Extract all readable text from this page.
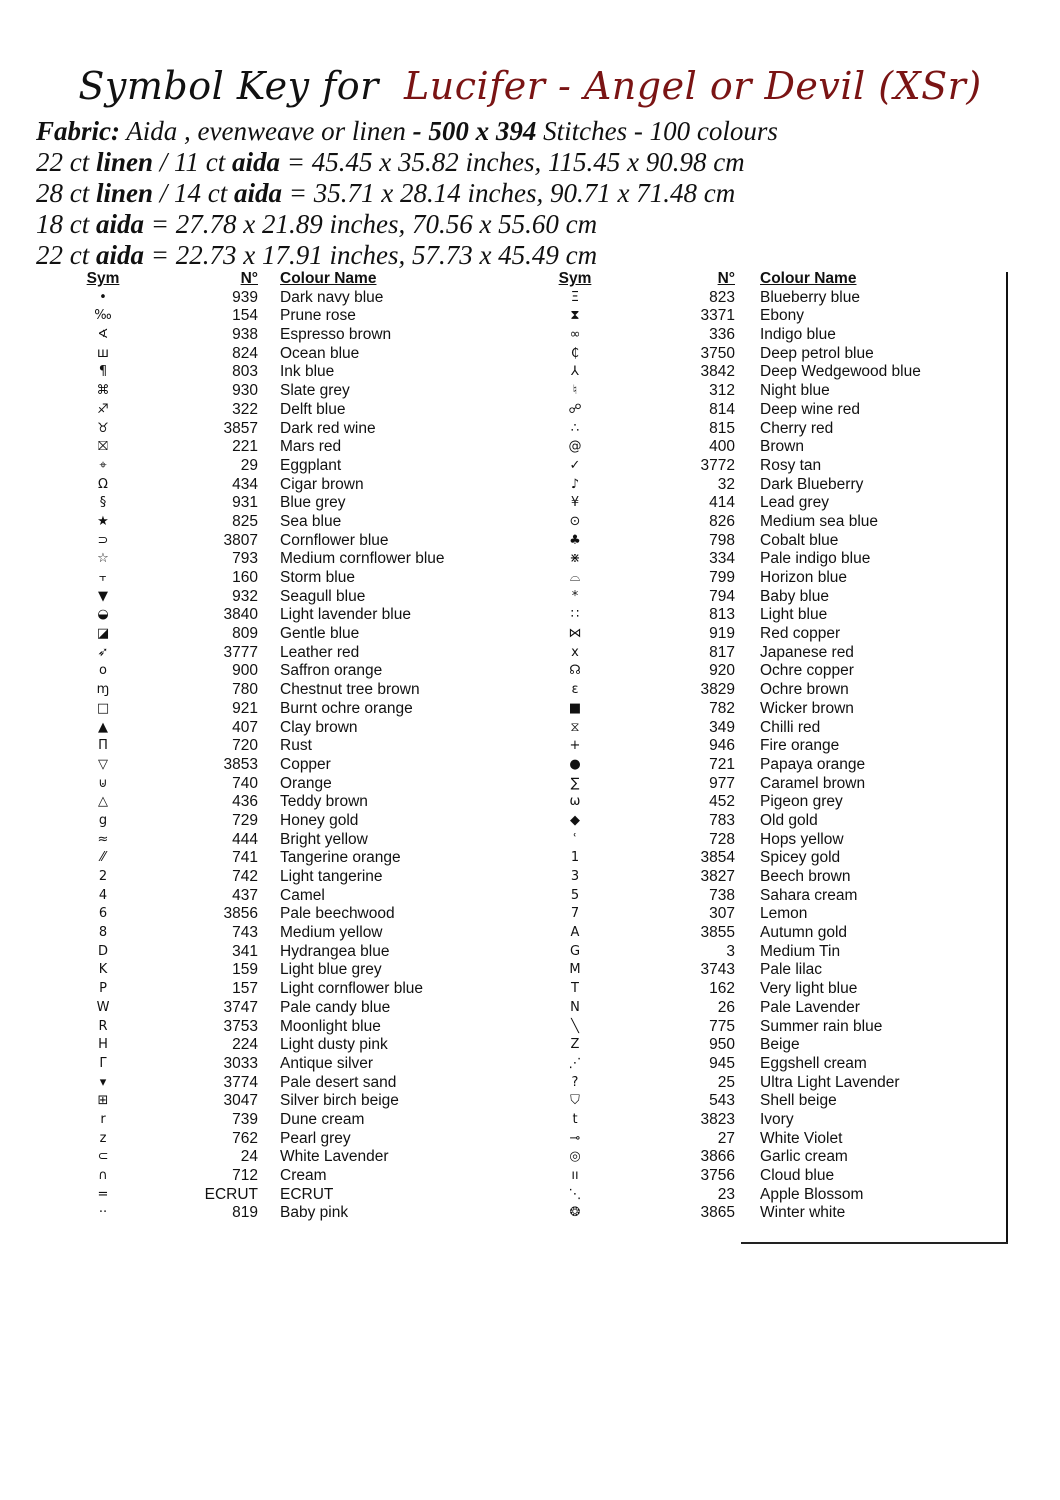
Symbol Key for Lucifer - Angel or Devil (XSr)
Fabric: Aida , evenweave or linen - 500 x 394 Stitches - 100 colours
22 ct linen / 11 ct aida = 45.45 x 35.82 inches, 115.45 x 90.98 cm
28 ct linen / 14 ct aida = 35.71 x 28.14 inches, 90.71 x 71.48 cm
18 ct aida = 27.78 x 21.89 inches, 70.56 x 55.60 cm
22 ct aida = 22.73 x 17.91 inches, 57.73 x 45.49 cm
Sym	N° Colour Name
•	939 Dark navy blue
‰	154 Prune rose
∢	938 Espresso brown
ш	824 Ocean blue
¶	803 Ink blue
⌘	930 Slate grey
♐	322 Delft blue
♉	3857 Dark red wine
⛝	221 Mars red
⌖	29 Eggplant
Ω	434 Cigar brown
§	931 Blue grey
★	825 Sea blue
⊃	3807 Cornflower blue
☆	793 Medium cornflower blue
⫟	160 Storm blue
▼	932 Seagull blue
◒	3840 Light lavender blue
◪	809 Gentle blue
➶	3777 Leather red
o	900 Saffron orange
ɱ	780 Chestnut tree brown
□	921 Burnt ochre orange
▲	407 Clay brown
Π	720 Rust
▽	3853 Copper
⊍	740 Orange
△	436 Teddy brown
g	729 Honey gold
≈	444 Bright yellow
⁄⁄	741 Tangerine orange
2	742 Light tangerine
4	437 Camel
6	3856 Pale beechwood
8	743 Medium yellow
D	341 Hydrangea blue
K	159 Light blue grey
P	157 Light cornflower blue
W	3747 Pale candy blue
R	3753 Moonlight blue
H	224 Light dusty pink
Γ	3033 Antique silver
▾	3774 Pale desert sand
⊞	3047 Silver birch beige
r	739 Dune cream
z	762 Pearl grey
⊂	24 White Lavender
∩	712 Cream
=	ECRUT ECRUT
··	819 Baby pink
Sym	N° Colour Name
Ξ	823 Blueberry blue
⧗	3371 Ebony
∞	336 Indigo blue
₵	3750 Deep petrol blue
⅄	3842 Deep Wedgewood blue
♮	312 Night blue
☍	814 Deep wine red
∴	815 Cherry red
@	400 Brown
✓	3772 Rosy tan
♪	32 Dark Blueberry
¥	414 Lead grey
⊙	826 Medium sea blue
♣	798 Cobalt blue
⋇	334 Pale indigo blue
⌓	799 Horizon blue
*	794 Baby blue
∷	813 Light blue
⋈	919 Red copper
x	817 Japanese red
☊	920 Ochre copper
ε	3829 Ochre brown
■	782 Wicker brown
⧖	349 Chilli red
+	946 Fire orange
●	721 Papaya orange
∑	977 Caramel brown
ω	452 Pigeon grey
◆	783 Old gold
ʿ	728 Hops yellow
1	3854 Spicey gold
3	3827 Beech brown
5	738 Sahara cream
7	307 Lemon
A	3855 Autumn gold
G	3 Medium Tin
M	3743 Pale lilac
T	162 Very light blue
N	26 Pale Lavender
╲	775 Summer rain blue
Z	950 Beige
⋰	945 Eggshell cream
?	25 Ultra Light Lavender
⛉	543 Shell beige
t	3823 Ivory
⊸	27 White Violet
◎	3866 Garlic cream
ıı	3756 Cloud blue
⋱	23 Apple Blossom
❂	3865 Winter white
